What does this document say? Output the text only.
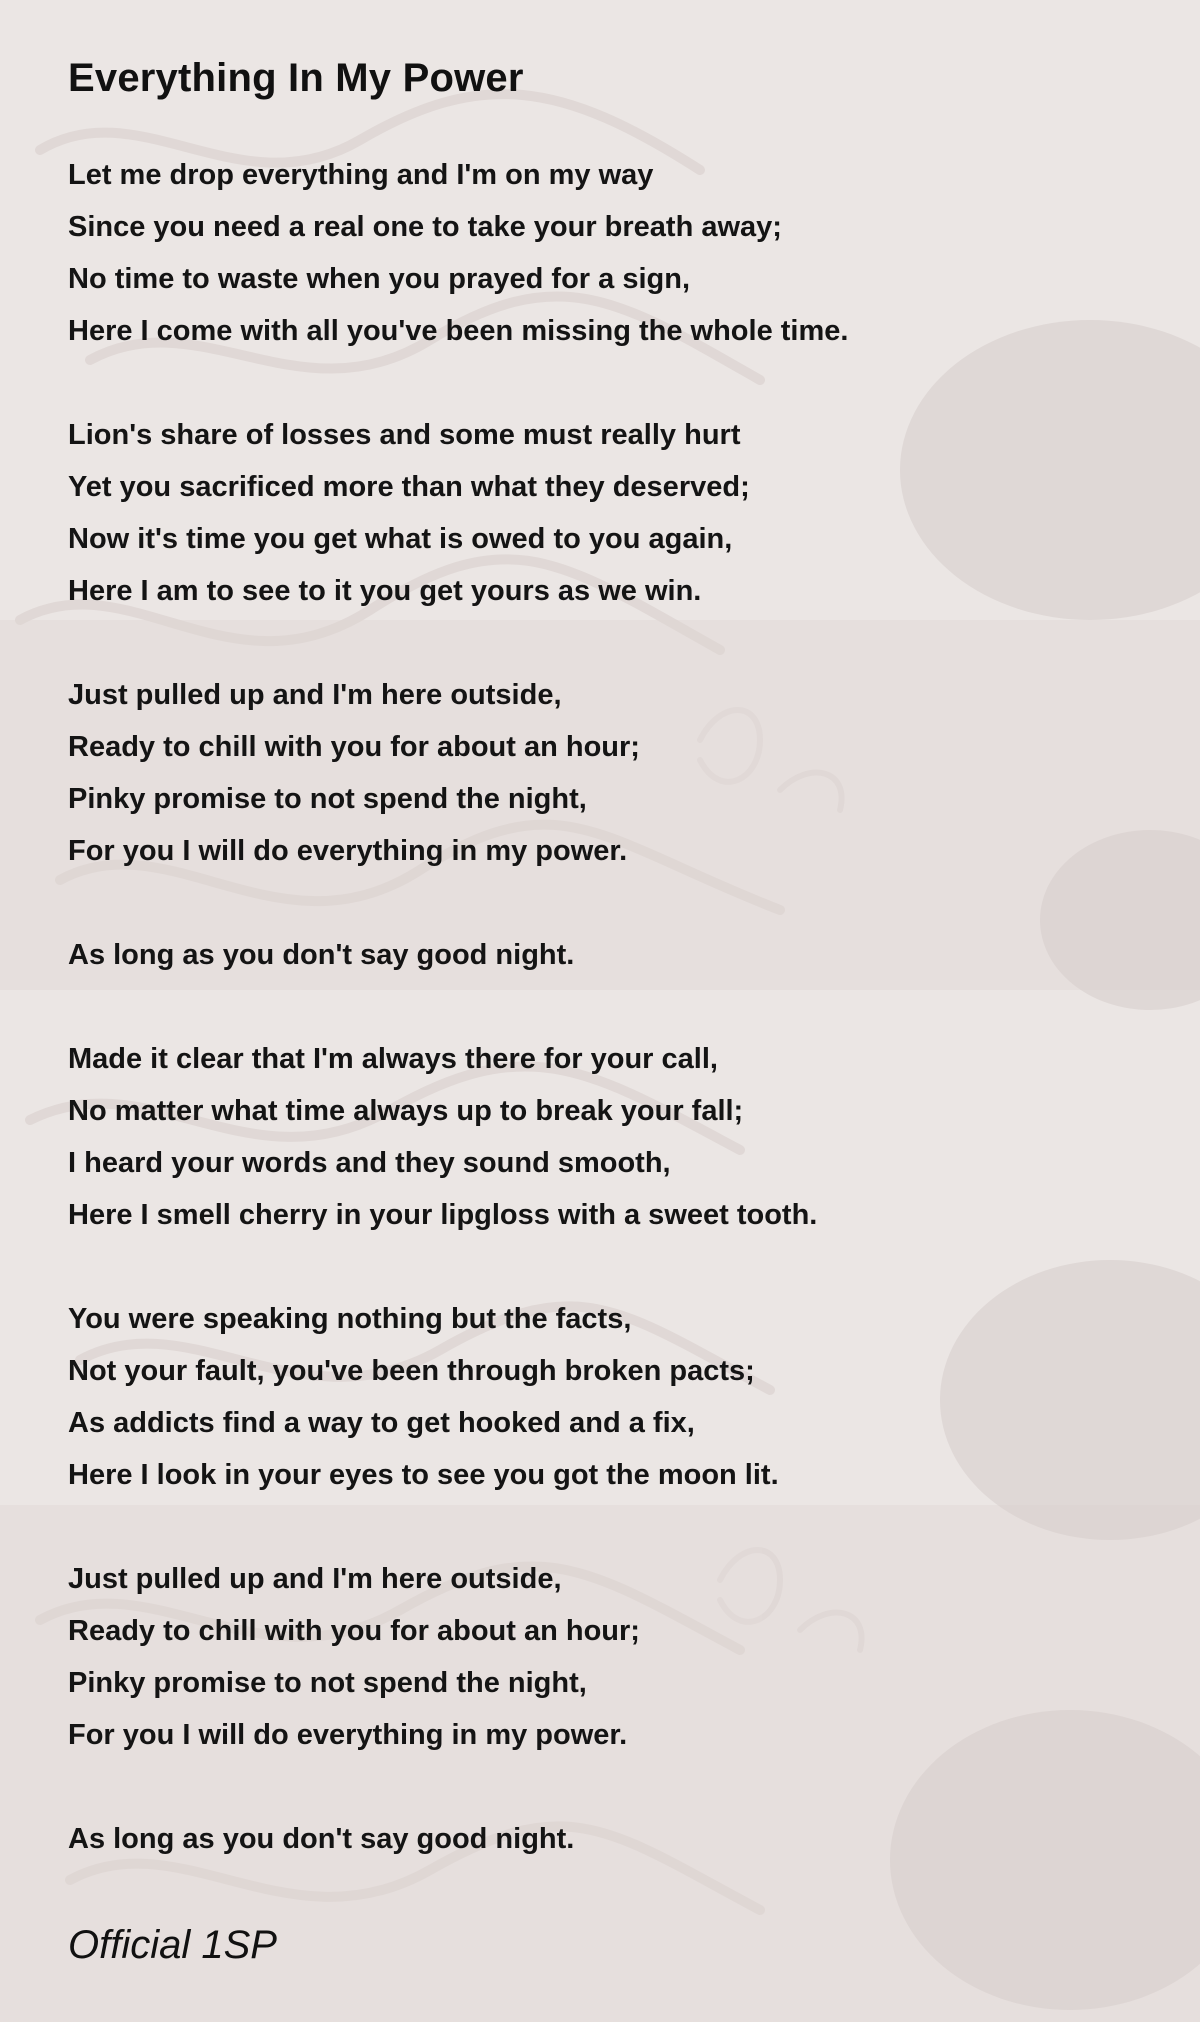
Everything In My Power
Let me drop everything and I'm on my way
Since you need a real one to take your breath away;
No time to waste when you prayed for a sign,
Here I come with all you've been missing the whole time.
Lion's share of losses and some must really hurt
Yet you sacrificed more than what they deserved;
Now it's time you get what is owed to you again,
Here I am to see to it you get yours as we win.
Just pulled up and I'm here outside,
Ready to chill with you for about an hour;
Pinky promise to not spend the night,
For you I will do everything in my power.
As long as you don't say good night.
Made it clear that I'm always there for your call,
No matter what time always up to break your fall;
I heard your words and they sound smooth,
Here I smell cherry in your lipgloss with a sweet tooth.
You were speaking nothing but the facts,
Not your fault, you've been through broken pacts;
As addicts find a way to get hooked and a fix,
Here I look in your eyes to see you got the moon lit.
Just pulled up and I'm here outside,
Ready to chill with you for about an hour;
Pinky promise to not spend the night,
For you I will do everything in my power.
As long as you don't say good night.
Official 1SP
